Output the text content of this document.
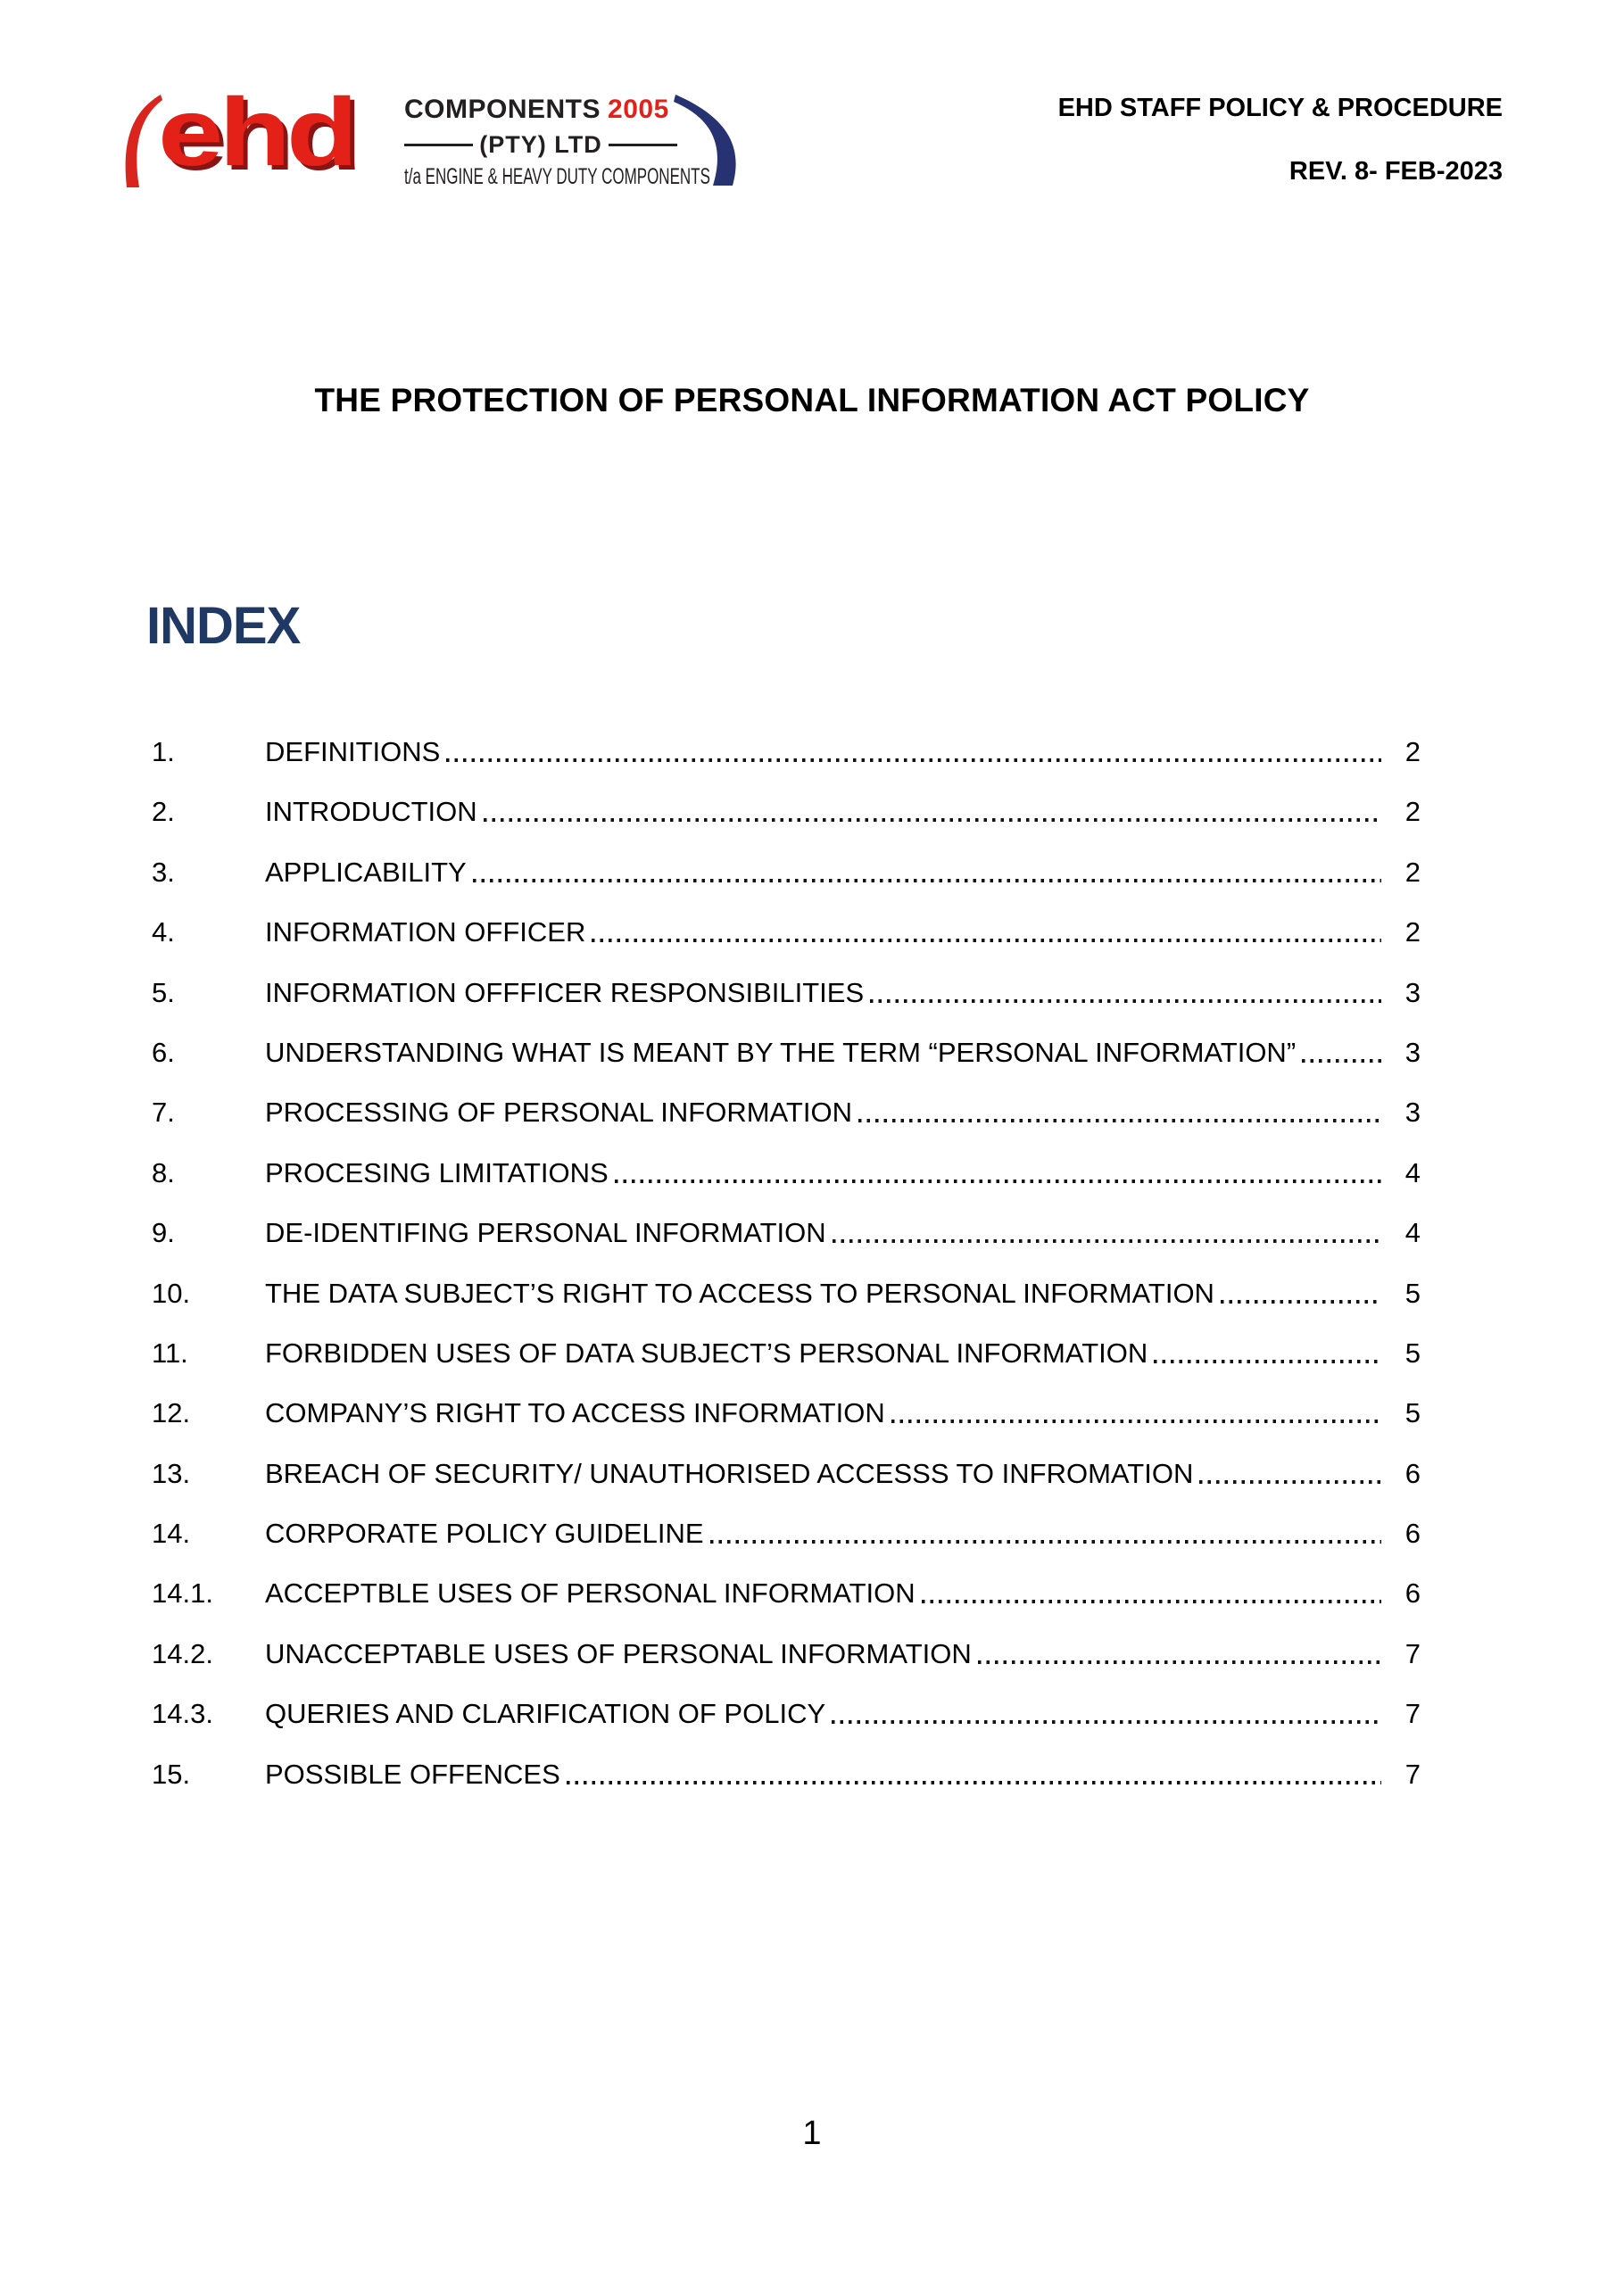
ehd COMPONENTS 2005
(PTY) LTD
t/a ENGINE & HEAVY DUTY COMPONENTS
EHD STAFF POLICY & PROCEDURE
REV. 8- FEB-2023
THE PROTECTION OF PERSONAL INFORMATION ACT POLICY
INDEX
1.	DEFINITIONS	2
2.	INTRODUCTION	2
3.	APPLICABILITY	2
4.	INFORMATION OFFICER	2
5.	INFORMATION OFFFICER RESPONSIBILITIES	3
6.	UNDERSTANDING WHAT IS MEANT BY THE TERM “PERSONAL INFORMATION”	3
7.	PROCESSING OF PERSONAL INFORMATION	3
8.	PROCESING LIMITATIONS	4
9.	DE-IDENTIFING PERSONAL INFORMATION	4
10.	THE DATA SUBJECT’S RIGHT TO ACCESS TO PERSONAL INFORMATION	5
11.	FORBIDDEN USES OF DATA SUBJECT’S PERSONAL INFORMATION	5
12.	COMPANY’S RIGHT TO ACCESS INFORMATION	5
13.	BREACH OF SECURITY/ UNAUTHORISED ACCESSS TO INFROMATION	6
14.	CORPORATE POLICY GUIDELINE	6
14.1.	ACCEPTBLE USES OF PERSONAL INFORMATION	6
14.2.	UNACCEPTABLE USES OF PERSONAL INFORMATION	7
14.3.	QUERIES AND CLARIFICATION OF POLICY	7
15.	POSSIBLE OFFENCES	7
1
